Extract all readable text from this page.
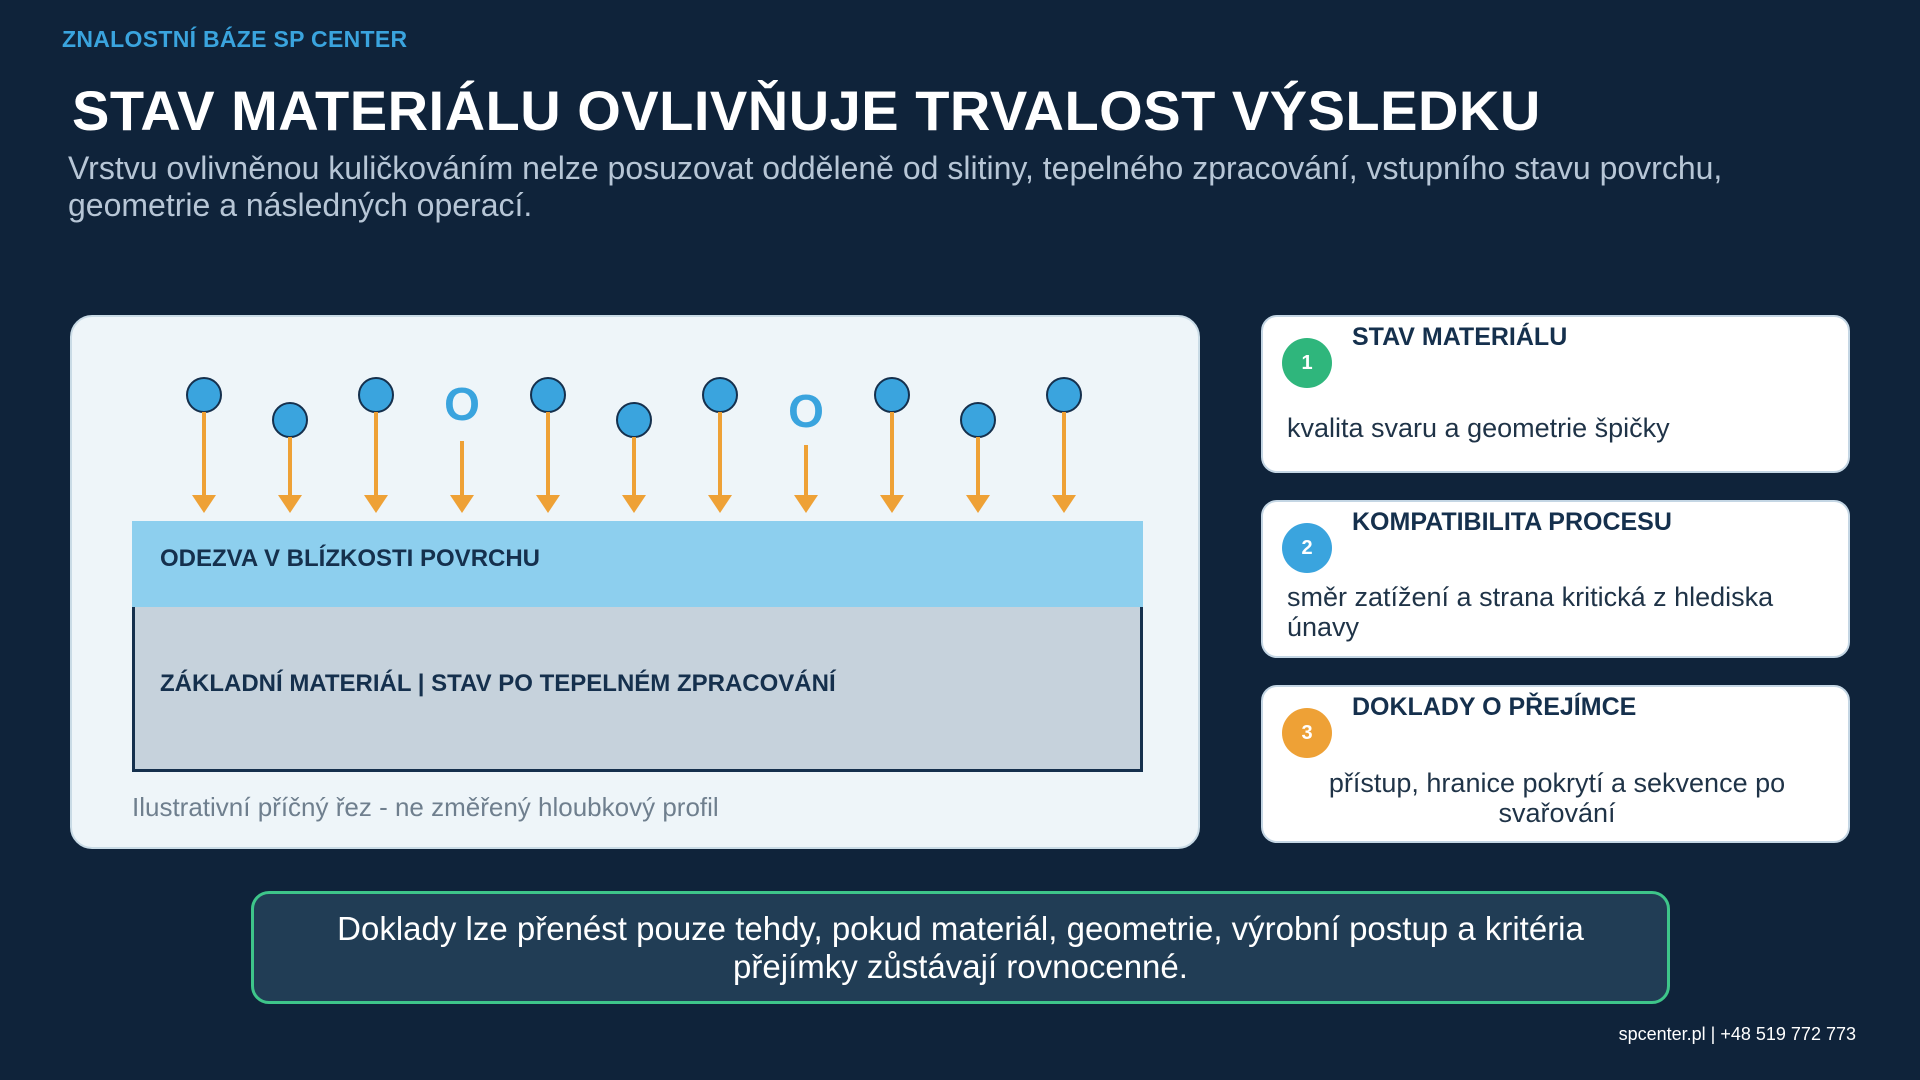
ZNALOSTNÍ BÁZE SP CENTER
STAV MATERIÁLU OVLIVŇUJE TRVALOST VÝSLEDKU
Vrstvu ovlivněnou kuličkováním nelze posuzovat odděleně od slitiny, tepelného zpracování, vstupního stavu povrchu, geometrie a následných operací.
O	O
ODEZVA V BLÍZKOSTI POVRCHU
ZÁKLADNÍ MATERIÁL | STAV PO TEPELNÉM ZPRACOVÁNÍ
Ilustrativní příčný řez - ne změřený hloubkový profil
1
STAV MATERIÁLU
kvalita svaru a geometrie špičky
2
KOMPATIBILITA PROCESU
směr zatížení a strana kritická z hlediska únavy
3
DOKLADY O PŘEJÍMCE
přístup, hranice pokrytí a sekvence po svařování
Doklady lze přenést pouze tehdy, pokud materiál, geometrie, výrobní postup a kritéria přejímky zůstávají rovnocenné.
spcenter.pl | +48 519 772 773
